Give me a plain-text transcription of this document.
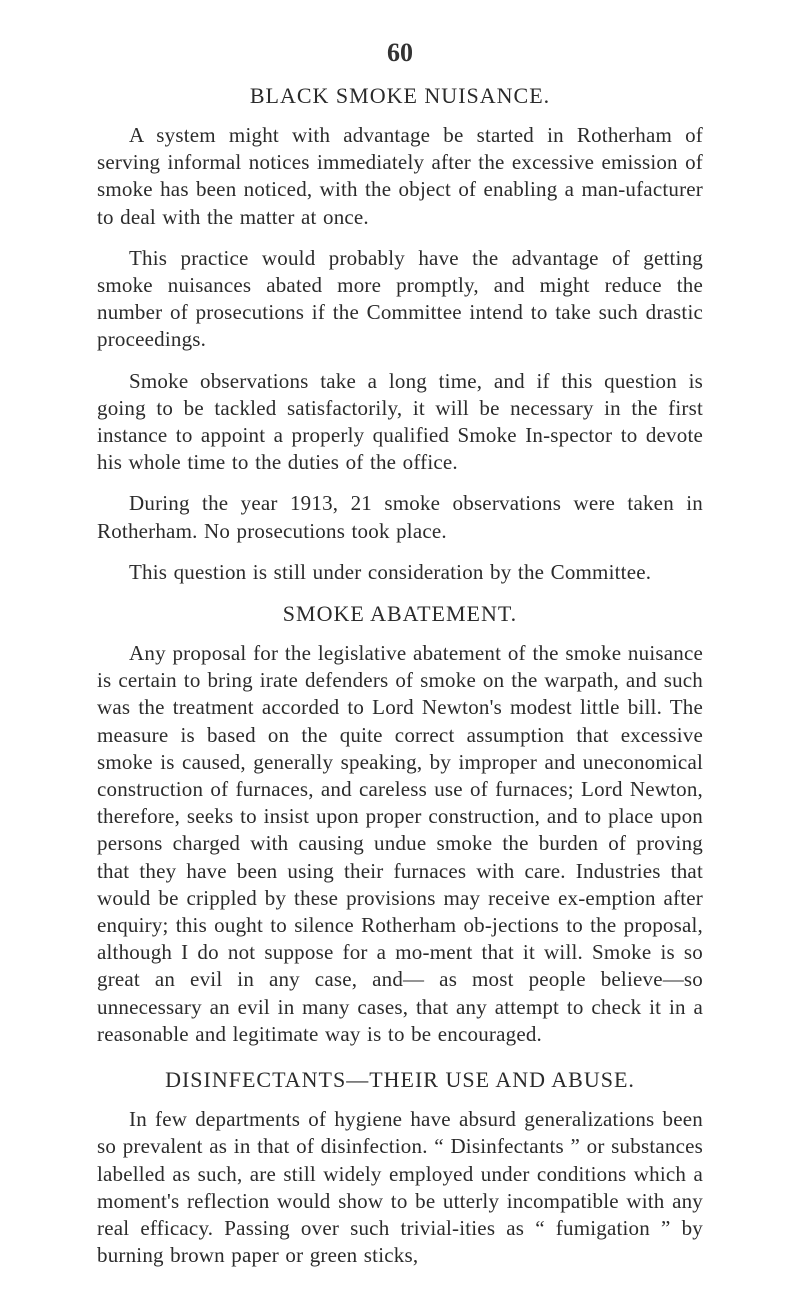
60
BLACK SMOKE NUISANCE.

A system might with advantage be started in Rotherham of serving informal notices immediately after the excessive emission of smoke has been noticed, with the object of enabling a man-ufacturer to deal with the matter at once.

This practice would probably have the advantage of getting smoke nuisances abated more promptly, and might reduce the number of prosecutions if the Committee intend to take such drastic proceedings.

Smoke observations take a long time, and if this question is going to be tackled satisfactorily, it will be necessary in the first instance to appoint a properly qualified Smoke In-spector to devote his whole time to the duties of the office.

During the year 1913, 21 smoke observations were taken in Rotherham. No prosecutions took place.

This question is still under consideration by the Committee.

SMOKE ABATEMENT.

Any proposal for the legislative abatement of the smoke nuisance is certain to bring irate defenders of smoke on the warpath, and such was the treatment accorded to Lord Newton's modest little bill. The measure is based on the quite correct assumption that excessive smoke is caused, generally speaking, by improper and uneconomical construction of furnaces, and careless use of furnaces; Lord Newton, therefore, seeks to insist upon proper construction, and to place upon persons charged with causing undue smoke the burden of proving that they have been using their furnaces with care. Industries that would be crippled by these provisions may receive ex-emption after enquiry; this ought to silence Rotherham ob-jections to the proposal, although I do not suppose for a mo-ment that it will. Smoke is so great an evil in any case, and— as most people believe—so unnecessary an evil in many cases, that any attempt to check it in a reasonable and legitimate way is to be encouraged.

DISINFECTANTS—THEIR USE AND ABUSE.

In few departments of hygiene have absurd generalizations been so prevalent as in that of disinfection. “ Disinfectants ” or substances labelled as such, are still widely employed under conditions which a moment's reflection would show to be utterly incompatible with any real efficacy. Passing over such trivial-ities as “ fumigation ” by burning brown paper or green sticks,
